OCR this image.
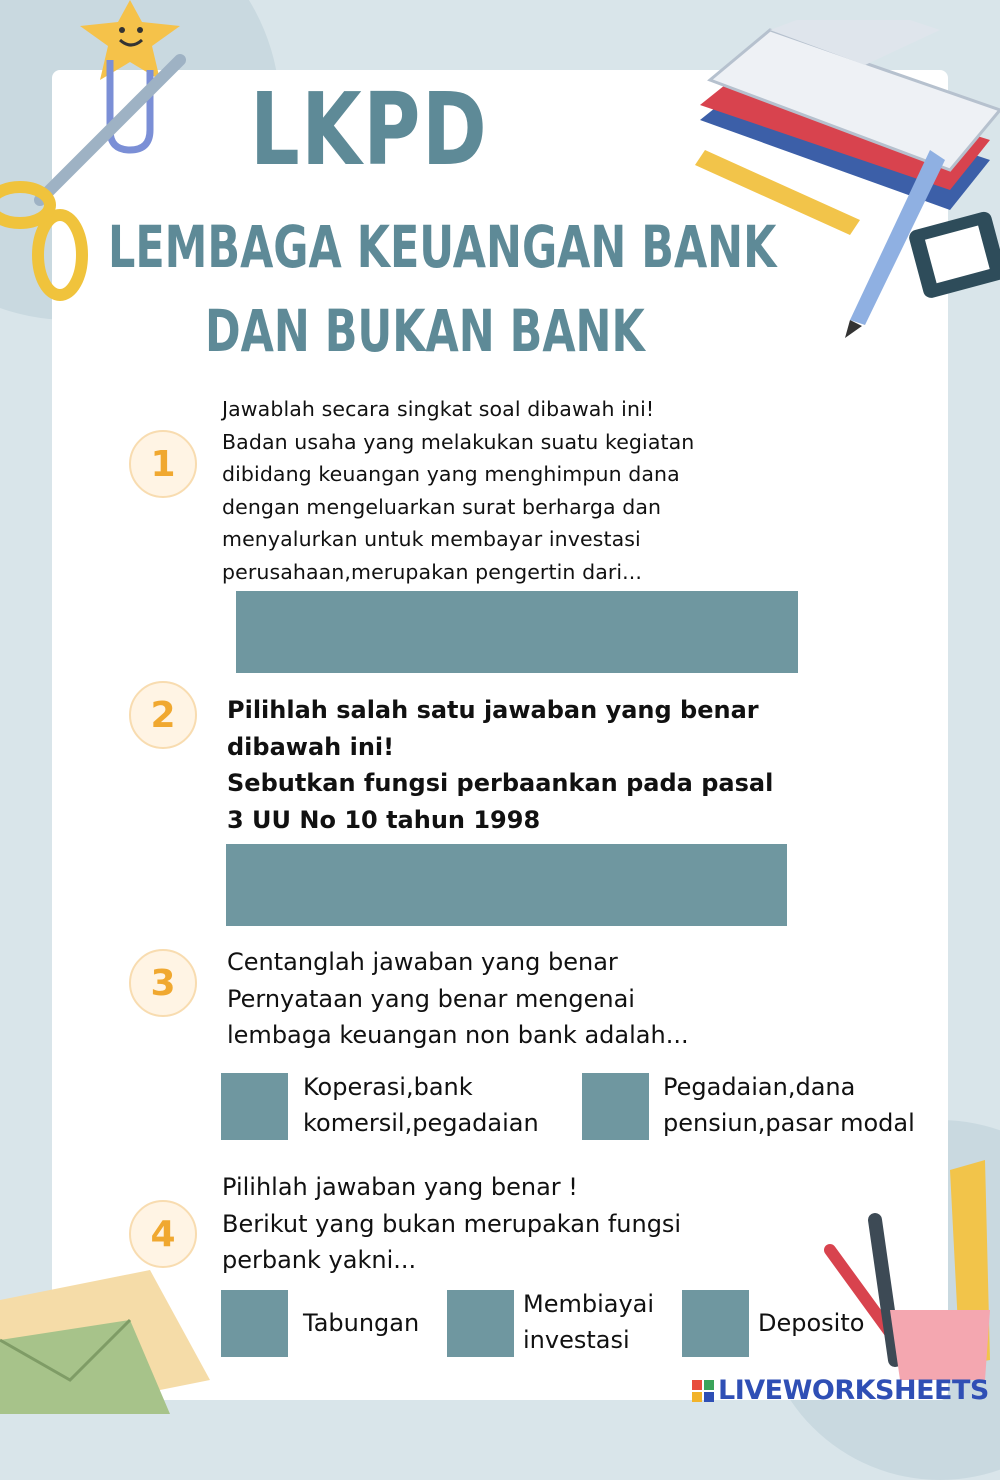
LKPD
LEMBAGA KEUANGAN BANK
DAN BUKAN BANK
1

Jawablah secara singkat soal dibawah ini!
Badan usaha yang melakukan suatu kegiatan
dibidang keuangan yang menghimpun dana
dengan mengeluarkan surat berharga dan
menyalurkan untuk membayar investasi
perusahaan,merupakan pengertin dari...

2	Pilihlah salah satu jawaban yang benar
dibawah ini!
Sebutkan fungsi perbaankan pada pasal
3 UU No 10 tahun 1998

3

Centanglah jawaban yang benar
Pernyataan yang benar mengenai
lembaga keuangan non bank adalah...

Koperasi,bank
komersil,pegadaian

Pegadaian,dana
pensiun,pasar modal

4

Pilihlah jawaban yang benar !
Berikut yang bukan merupakan fungsi
perbank yakni...

Tabungan

Membiayai
investasi

Deposito

LIVEWORKSHEETS
